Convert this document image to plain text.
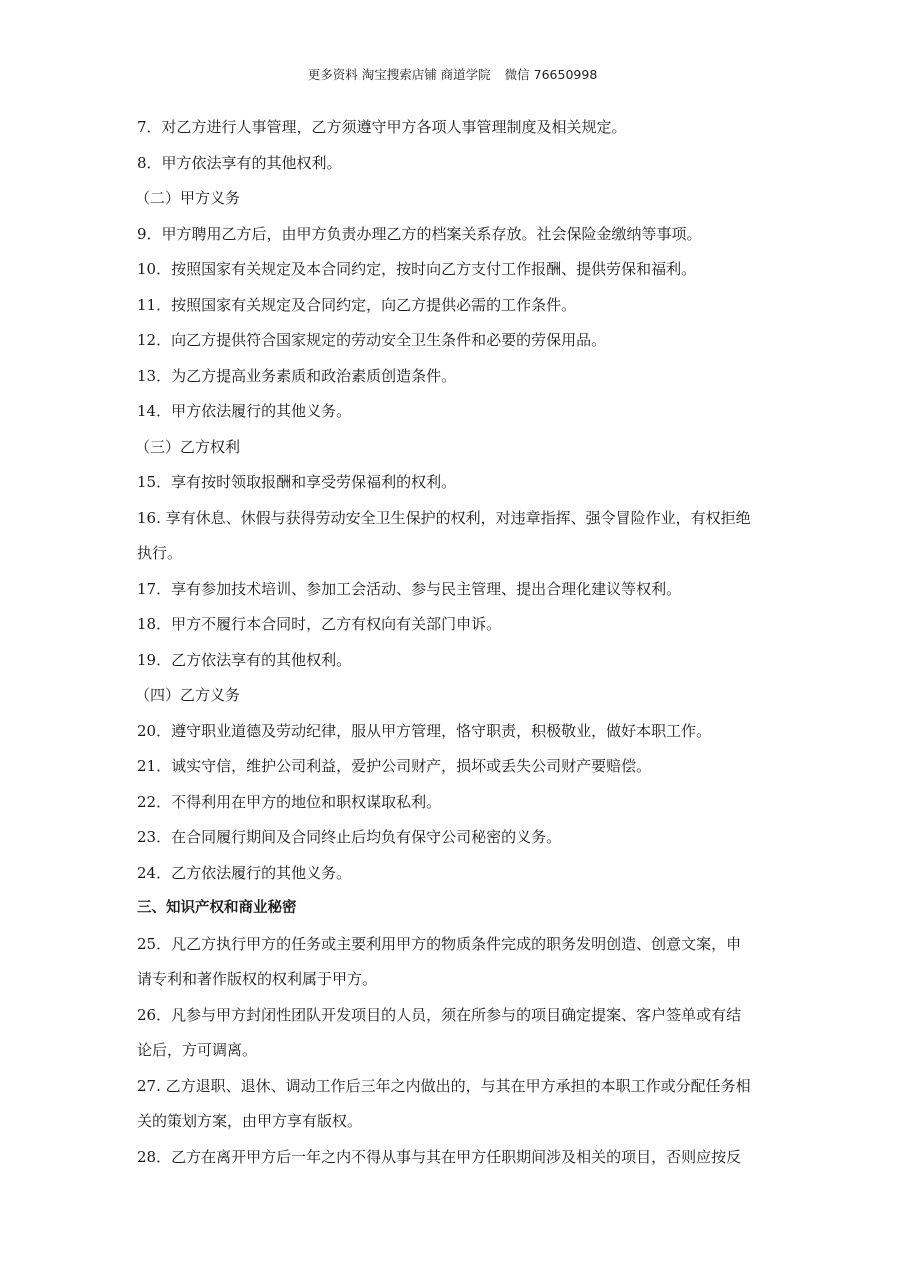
更多资料 淘宝搜索店铺 商道学院 微信 76650998
7．对乙方进行人事管理，乙方须遵守甲方各项人事管理制度及相关规定。
8．甲方依法享有的其他权利。
（二）甲方义务
9．甲方聘用乙方后，由甲方负责办理乙方的档案关系存放。社会保险金缴纳等事项。
10．按照国家有关规定及本合同约定，按时向乙方支付工作报酬、提供劳保和福利。
11．按照国家有关规定及合同约定，向乙方提供必需的工作条件。
12．向乙方提供符合国家规定的劳动安全卫生条件和必要的劳保用品。
13．为乙方提高业务素质和政治素质创造条件。
14．甲方依法履行的其他义务。
（三）乙方权利
15．享有按时领取报酬和享受劳保福利的权利。
16. 享有休息、休假与获得劳动安全卫生保护的权利，对违章指挥、强令冒险作业，有权拒绝
执行。
17．享有参加技术培训、参加工会活动、参与民主管理、提出合理化建议等权利。
18．甲方不履行本合同时，乙方有权向有关部门申诉。
19．乙方依法享有的其他权利。
（四）乙方义务
20．遵守职业道德及劳动纪律，服从甲方管理，恪守职责，积极敬业，做好本职工作。
21．诚实守信，维护公司利益，爱护公司财产，损坏或丢失公司财产要赔偿。
22．不得利用在甲方的地位和职权谋取私利。
23．在合同履行期间及合同终止后均负有保守公司秘密的义务。
24．乙方依法履行的其他义务。
三、知识产权和商业秘密
25．凡乙方执行甲方的任务或主要利用甲方的物质条件完成的职务发明创造、创意文案，申
请专利和著作版权的权利属于甲方。
26．凡参与甲方封闭性团队开发项目的人员，须在所参与的项目确定提案、客户签单或有结
论后，方可调离。
27. 乙方退职、退休、调动工作后三年之内做出的，与其在甲方承担的本职工作或分配任务相
关的策划方案，由甲方享有版权。
28．乙方在离开甲方后一年之内不得从事与其在甲方任职期间涉及相关的项目，否则应按反
